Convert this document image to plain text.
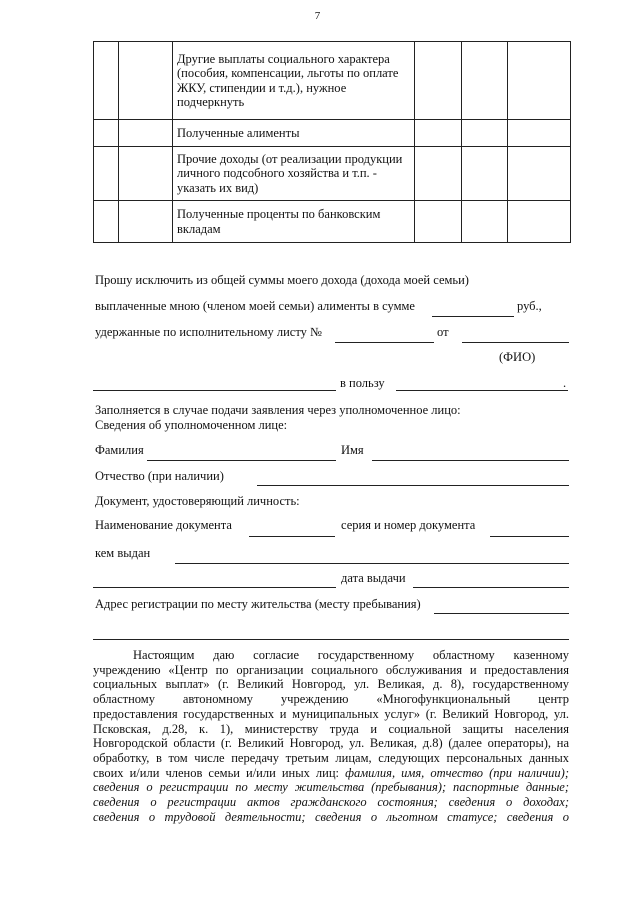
7
		Другие выплаты социального характера (пособия, компенсации, льготы по оплате ЖКУ, стипендии и т.д.), нужное подчеркнуть			
		Полученные алименты			
		Прочие доходы (от реализации продукции личного подсобного хозяйства и т.п. - указать их вид)			
		Полученные проценты по банковским вкладам			
Прошу исключить из общей суммы моего дохода (дохода моей семьи)
выплаченные мною (членом моей семьи) алименты в сумме	руб.,
удержанные по исполнительному листу №	от
(ФИО)
в пользу	.
Заполняется в случае подачи заявления через уполномоченное лицо:
Сведения об уполномоченном лице:
Фамилия	Имя
Отчество (при наличии)
Документ, удостоверяющий личность:
Наименование документа	серия и номер документа
кем выдан
дата выдачи
Адрес регистрации по месту жительства (месту пребывания)
Настоящим даю согласие государственному областному казенному
учреждению «Центр по организации социального обслуживания и предоставления
социальных выплат» (г. Великий Новгород, ул. Великая, д. 8), государственному
областному автономному учреждению «Многофункциональный центр
предоставления государственных и муниципальных услуг» (г. Великий Новгород, ул.
Псковская, д.28, к. 1), министерству труда и социальной защиты населения
Новгородской области (г. Великий Новгород, ул. Великая, д.8) (далее операторы), на
обработку, в том числе передачу третьим лицам, следующих персональных данных
своих и/или членов семьи и/или иных лиц: фамилия, имя, отчество (при наличии);
сведения о регистрации по месту жительства (пребывания); паспортные данные;
сведения о регистрации актов гражданского состояния; сведения о доходах;
сведения о трудовой деятельности; сведения о льготном статусе; сведения о
